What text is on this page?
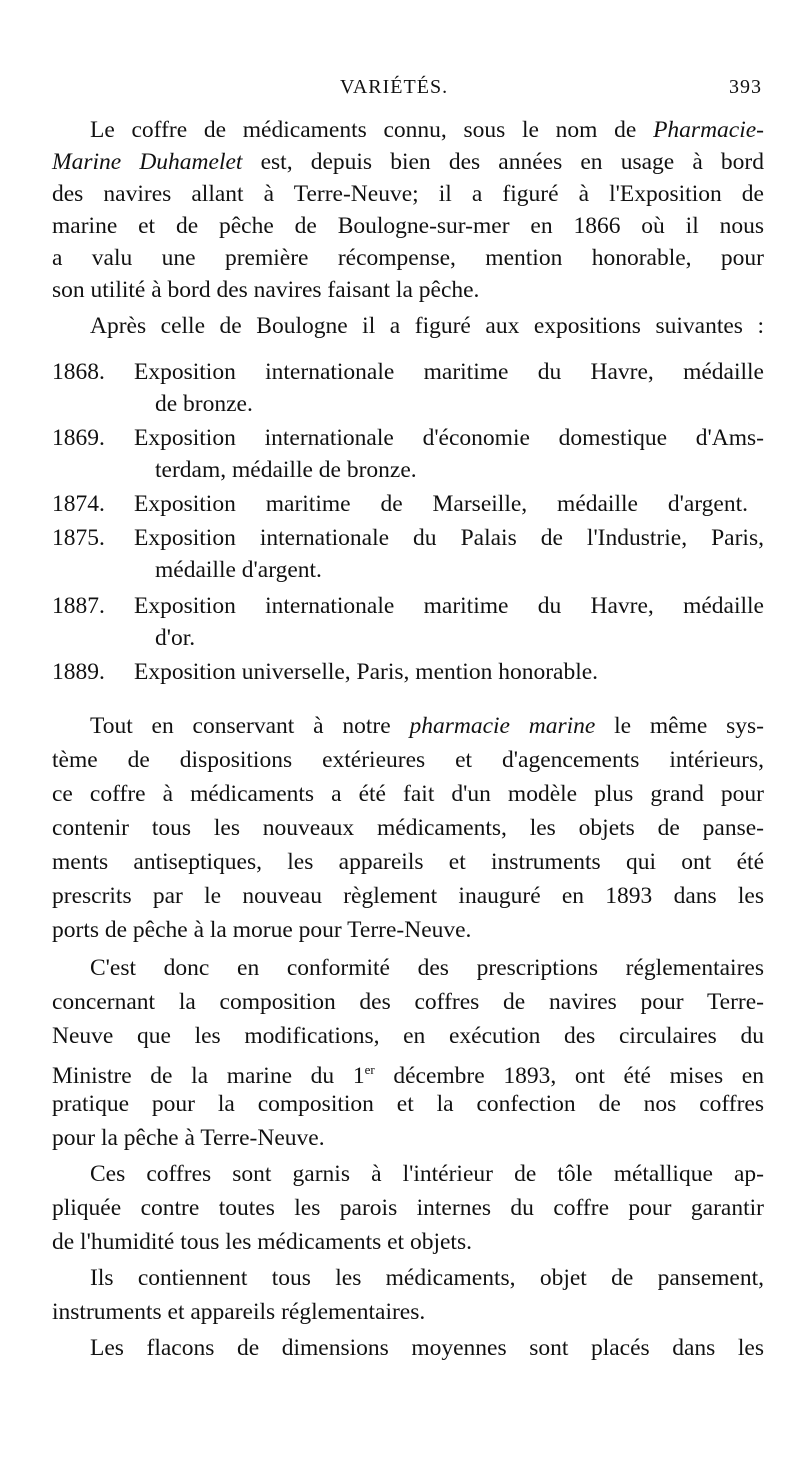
VARIÉTÉS.	393
Le coffre de médicaments connu, sous le nom de Pharmacie-
Marine Duhamelet est, depuis bien des années en usage à bord
des navires allant à Terre-Neuve; il a figuré à l'Exposition de
marine et de pêche de Boulogne-sur-mer en 1866 où il nous
a valu une première récompense, mention honorable, pour
son utilité à bord des navires faisant la pêche.
Après celle de Boulogne il a figuré aux expositions suivantes :
1868.	Exposition internationale maritime du Havre, médaille
de bronze.
1869.	Exposition internationale d'économie domestique d'Ams-
terdam, médaille de bronze.
1874.	Exposition maritime de Marseille, médaille d'argent.
1875.	Exposition internationale du Palais de l'Industrie, Paris,
médaille d'argent.
1887.	Exposition internationale maritime du Havre, médaille
d'or.
1889.	Exposition universelle, Paris, mention honorable.
Tout en conservant à notre pharmacie marine le même sys-
tème de dispositions extérieures et d'agencements intérieurs,
ce coffre à médicaments a été fait d'un modèle plus grand pour
contenir tous les nouveaux médicaments, les objets de panse-
ments antiseptiques, les appareils et instruments qui ont été
prescrits par le nouveau règlement inauguré en 1893 dans les
ports de pêche à la morue pour Terre-Neuve.
C'est donc en conformité des prescriptions réglementaires
concernant la composition des coffres de navires pour Terre-
Neuve que les modifications, en exécution des circulaires du
Ministre de la marine du 1er décembre 1893, ont été mises en
pratique pour la composition et la confection de nos coffres
pour la pêche à Terre-Neuve.
Ces coffres sont garnis à l'intérieur de tôle métallique ap-
pliquée contre toutes les parois internes du coffre pour garantir
de l'humidité tous les médicaments et objets.
Ils contiennent tous les médicaments, objet de pansement,
instruments et appareils réglementaires.
Les flacons de dimensions moyennes sont placés dans les
